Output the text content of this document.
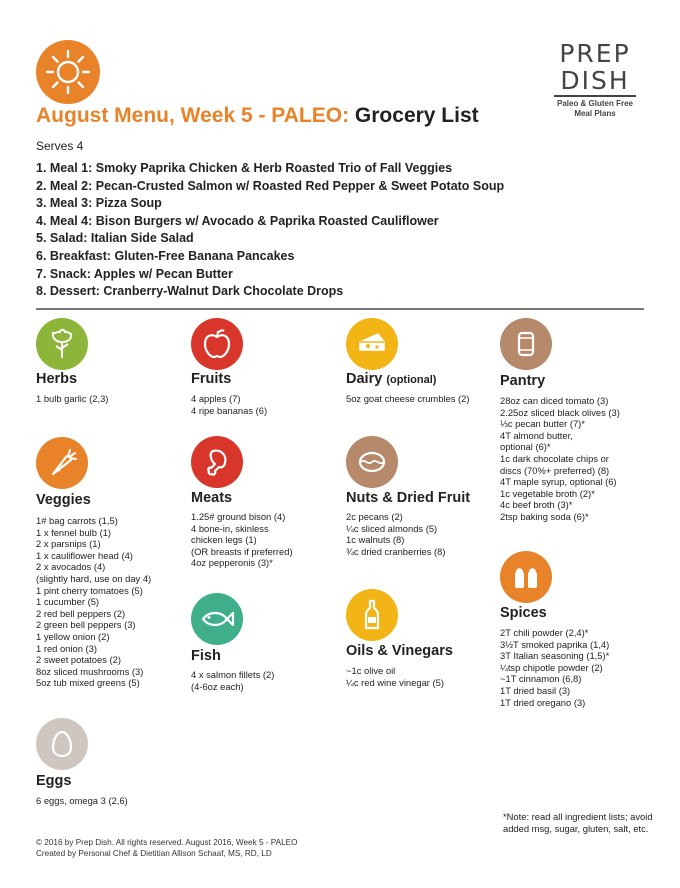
August Menu, Week 5 - PALEO: Grocery List
PREP
DISH
Paleo & Gluten Free
Meal Plans
Serves 4
1. Meal 1: Smoky Paprika Chicken & Herb Roasted Trio of Fall Veggies
2. Meal 2: Pecan-Crusted Salmon w/ Roasted Red Pepper & Sweet Potato Soup
3. Meal 3: Pizza Soup
4. Meal 4: Bison Burgers w/ Avocado & Paprika Roasted Cauliflower
5. Salad: Italian Side Salad
6. Breakfast: Gluten-Free Banana Pancakes
7. Snack: Apples w/ Pecan Butter
8. Dessert: Cranberry-Walnut Dark Chocolate Drops
Herbs
1 bulb garlic (2,3)
Fruits
4 apples (7)
4 ripe bananas (6)
Dairy (optional)
5oz goat cheese crumbles (2)
Pantry
28oz can diced tomato (3)
2.25oz sliced black olives (3)
⅓c pecan butter (7)*
4T almond butter,
optional (6)*
1c dark chocolate chips or
discs (70%+ preferred) (8)
4T maple syrup, optional (6)
1c vegetable broth (2)*
4c beef broth (3)*
2tsp baking soda (6)*
Veggies
1# bag carrots (1,5)
1 x fennel bulb (1)
2 x parsnips (1)
1 x cauliflower head (4)
2 x avocados (4)
(slightly hard, use on day 4)
1 pint cherry tomatoes (5)
1 cucumber (5)
2 red bell peppers (2)
2 green bell peppers (3)
1 yellow onion (2)
1 red onion (3)
2 sweet potatoes (2)
8oz sliced mushrooms (3)
5oz tub mixed greens (5)
Meats
1.25# ground bison (4)
4 bone-in, skinless
chicken legs (1)
(OR breasts if preferred)
4oz pepperonis (3)*
Nuts & Dried Fruit
2c pecans (2)
¼c sliced almonds (5)
1c walnuts (8)
¾c dried cranberries (8)
Spices
2T chili powder (2,4)*
3½T smoked paprika (1,4)
3T Italian seasoning (1,5)*
¼tsp chipotle powder (2)
~1T cinnamon (6,8)
1T dried basil (3)
1T dried oregano (3)
Fish
4 x salmon fillets (2)
(4-6oz each)
Oils & Vinegars
~1c olive oil
¼c red wine vinegar (5)
Eggs
6 eggs, omega 3 (2,6)
*Note: read all ingredient lists; avoid added msg, sugar, gluten, salt, etc.
© 2016 by Prep Dish. All rights reserved. August 2016, Week 5 - PALEO
Created by Personal Chef & Dietitian Allison Schaaf, MS, RD, LD
